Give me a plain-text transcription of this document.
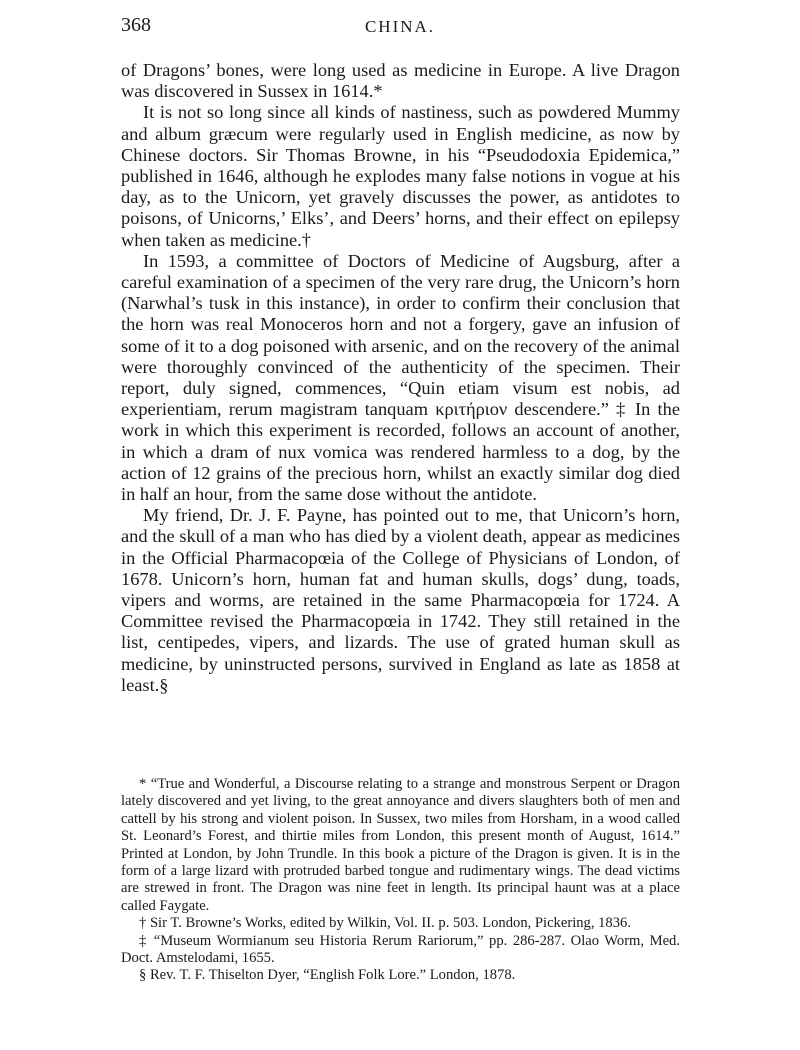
368	CHINA.

of Dragons’ bones, were long used as medicine in Europe. A live Dragon was discovered in Sussex in 1614.*

It is not so long since all kinds of nastiness, such as powdered Mummy and album græcum were regularly used in English medicine, as now by Chinese doctors. Sir Thomas Browne, in his “Pseudodoxia Epidemica,” published in 1646, although he explodes many false notions in vogue at his day, as to the Unicorn, yet gravely discusses the power, as antidotes to poisons, of Unicorns,’ Elks’, and Deers’ horns, and their effect on epilepsy when taken as medicine.†

In 1593, a committee of Doctors of Medicine of Augsburg, after a careful examination of a specimen of the very rare drug, the Unicorn’s horn (Narwhal’s tusk in this instance), in order to confirm their conclusion that the horn was real Monoceros horn and not a forgery, gave an infusion of some of it to a dog poisoned with arsenic, and on the recovery of the animal were thoroughly convinced of the authenticity of the specimen. Their report, duly signed, commences, “Quin etiam visum est nobis, ad experientiam, rerum magistram tanquam κριτήριον descendere.” ‡ In the work in which this experiment is recorded, follows an account of another, in which a dram of nux vomica was rendered harmless to a dog, by the action of 12 grains of the precious horn, whilst an exactly similar dog died in half an hour, from the same dose without the antidote.

My friend, Dr. J. F. Payne, has pointed out to me, that Unicorn’s horn, and the skull of a man who has died by a violent death, appear as medicines in the Official Pharmacopœia of the College of Physicians of London, of 1678. Unicorn’s horn, human fat and human skulls, dogs’ dung, toads, vipers and worms, are retained in the same Pharmacopœia for 1724. A Committee revised the Pharmacopœia in 1742. They still retained in the list, centipedes, vipers, and lizards. The use of grated human skull as medicine, by uninstructed persons, survived in England as late as 1858 at least.§

* “True and Wonderful, a Discourse relating to a strange and monstrous Serpent or Dragon lately discovered and yet living, to the great annoyance and divers slaughters both of men and cattell by his strong and violent poison. In Sussex, two miles from Horsham, in a wood called St. Leonard’s Forest, and thirtie miles from London, this present month of August, 1614.” Printed at London, by John Trundle. In this book a picture of the Dragon is given. It is in the form of a large lizard with protruded barbed tongue and rudimentary wings. The dead victims are strewed in front. The Dragon was nine feet in length. Its principal haunt was at a place called Faygate.

† Sir T. Browne’s Works, edited by Wilkin, Vol. II. p. 503. London, Pickering, 1836.

‡ “Museum Wormianum seu Historia Rerum Rariorum,” pp. 286-287. Olao Worm, Med. Doct. Amstelodami, 1655.

§ Rev. T. F. Thiselton Dyer, “English Folk Lore.” London, 1878.
